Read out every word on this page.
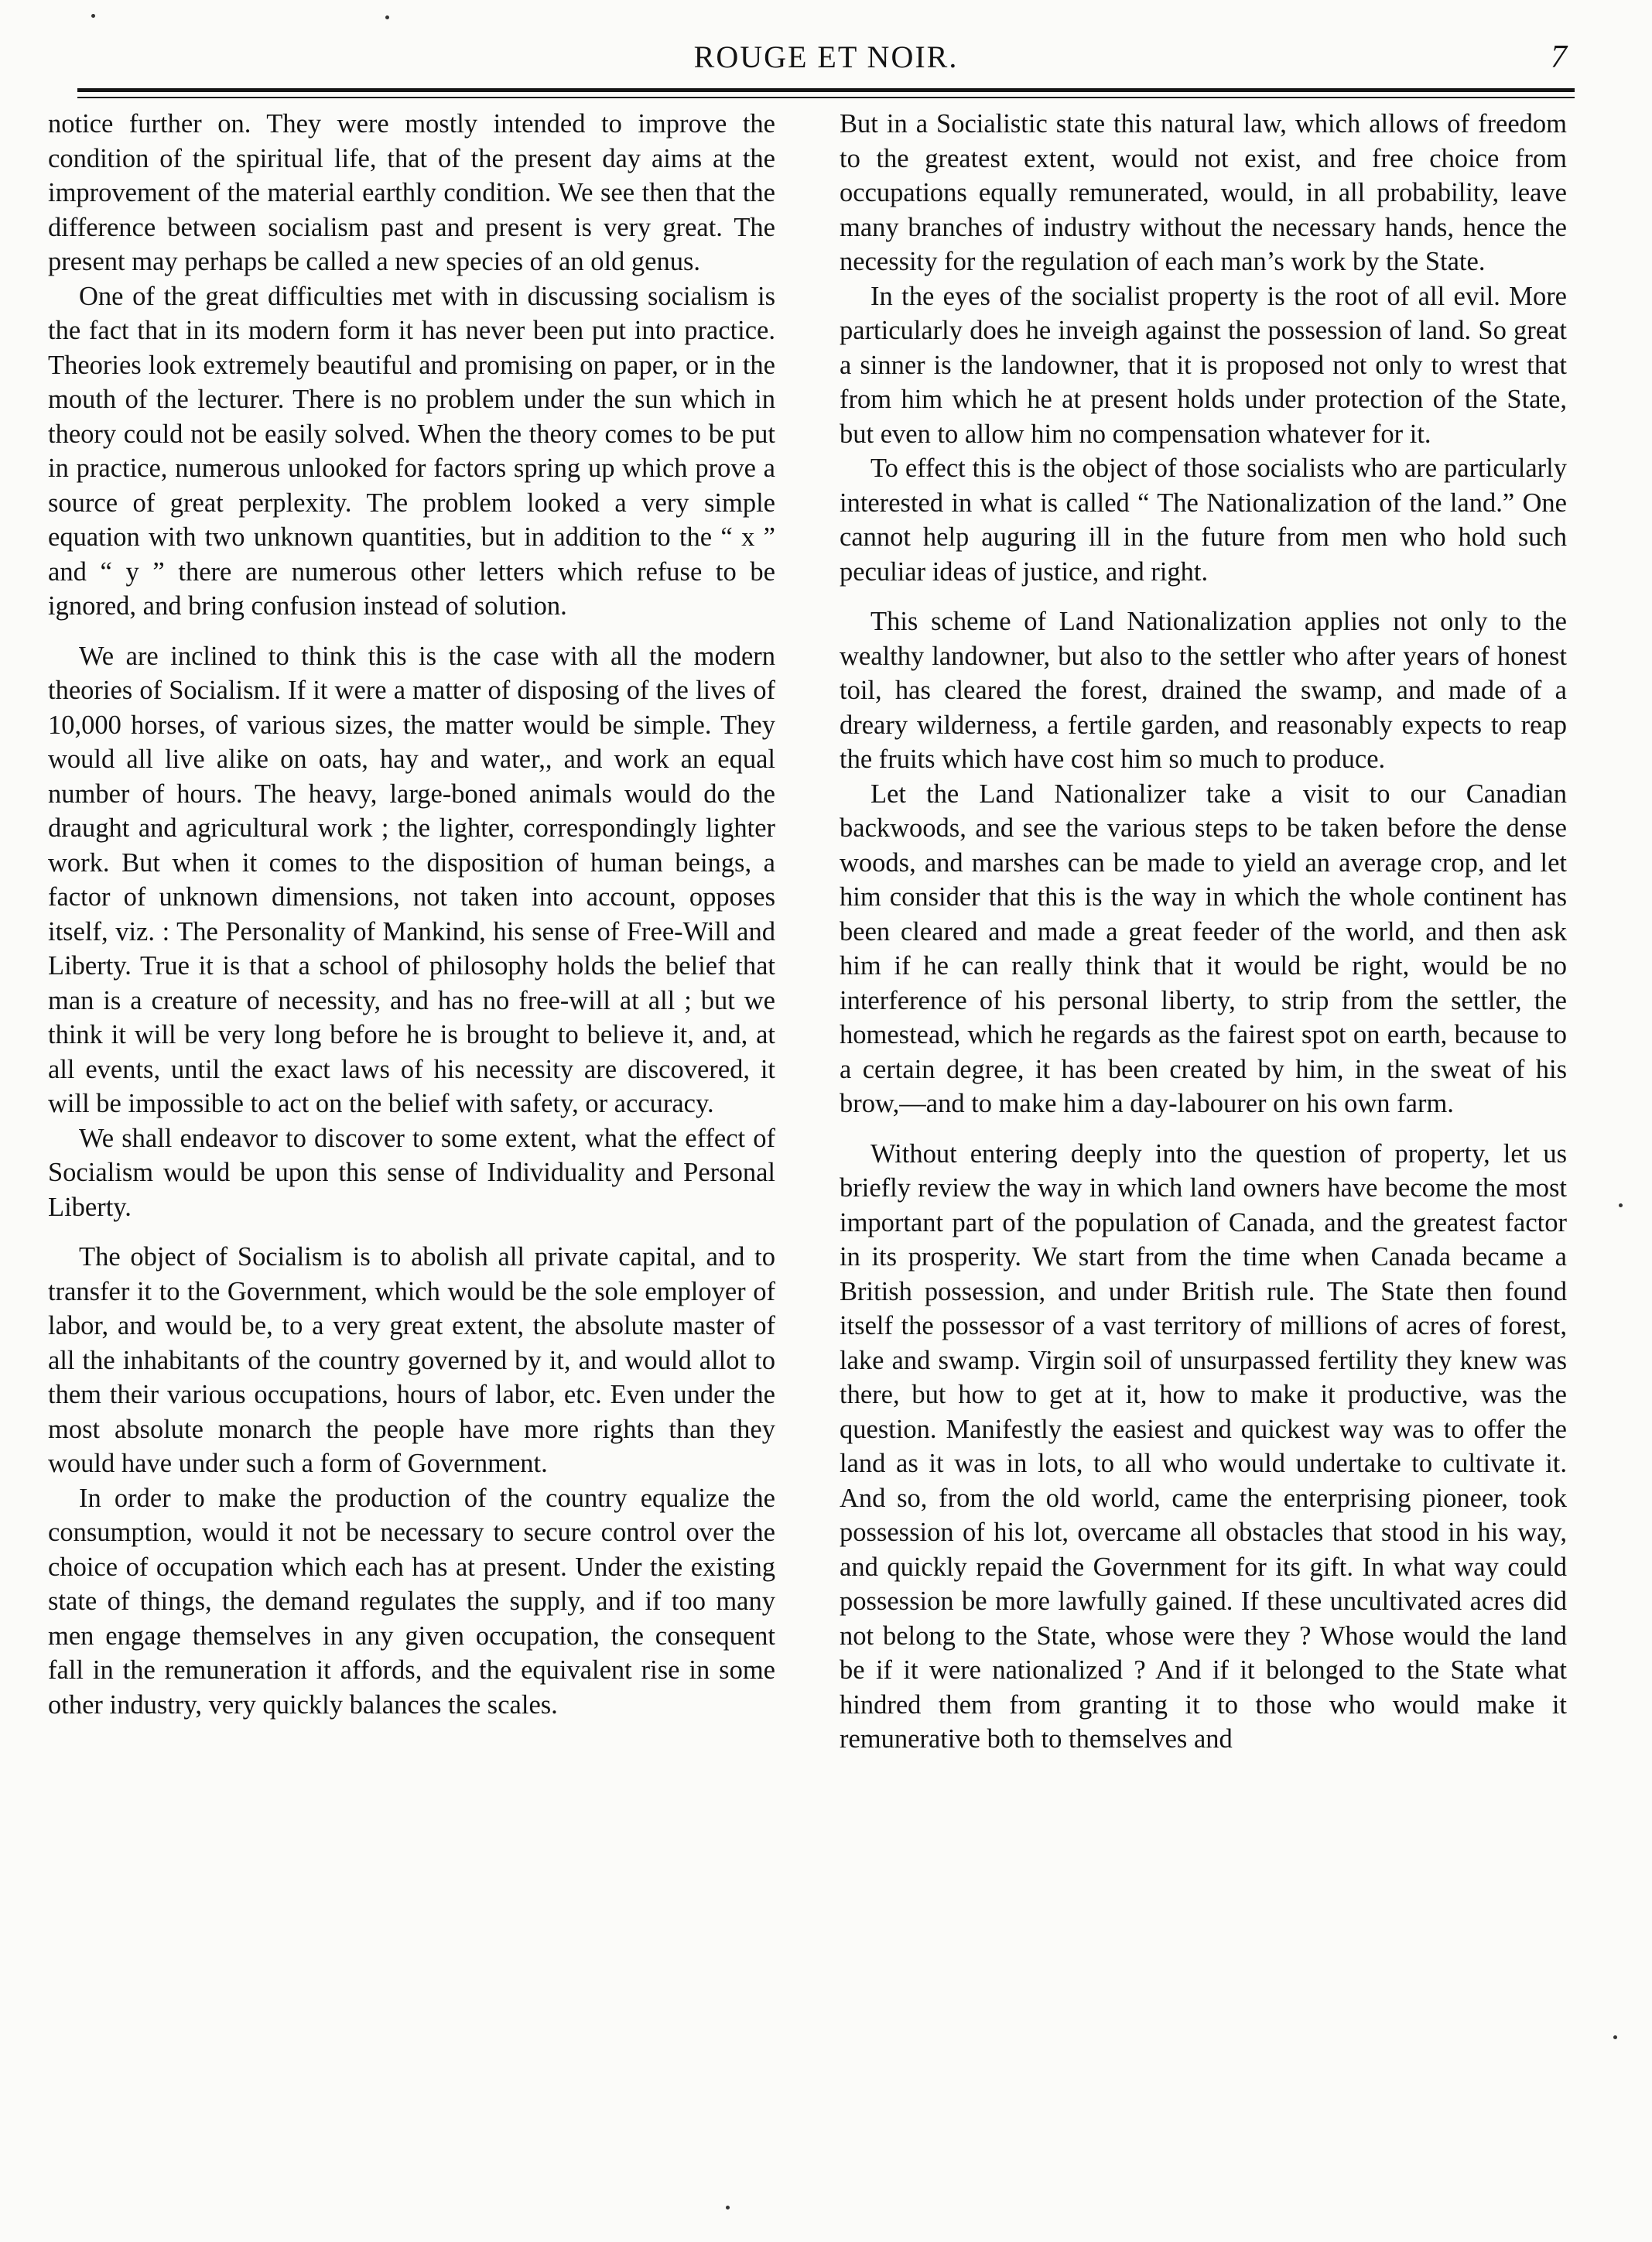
ROUGE ET NOIR.	7

notice further on. They were mostly intended to improve the condition of the spiritual life, that of the present day aims at the improvement of the material earthly condition. We see then that the difference between socialism past and present is very great. The present may perhaps be called a new species of an old genus.

One of the great difficulties met with in discussing socialism is the fact that in its modern form it has never been put into practice. Theories look extremely beautiful and promising on paper, or in the mouth of the lecturer. There is no problem under the sun which in theory could not be easily solved. When the theory comes to be put in practice, numerous unlooked for factors spring up which prove a source of great perplexity. The problem looked a very simple equation with two unknown quantities, but in addition to the “ x ” and “ y ” there are numerous other letters which refuse to be ignored, and bring confusion instead of solution.

We are inclined to think this is the case with all the modern theories of Socialism. If it were a matter of disposing of the lives of 10,000 horses, of various sizes, the matter would be simple. They would all live alike on oats, hay and water,, and work an equal number of hours. The heavy, large-boned animals would do the draught and agricultural work ; the lighter, correspondingly lighter work. But when it comes to the disposition of human beings, a factor of unknown dimensions, not taken into account, opposes itself, viz. : The Personality of Mankind, his sense of Free-Will and Liberty. True it is that a school of philosophy holds the belief that man is a creature of necessity, and has no free-will at all ; but we think it will be very long before he is brought to believe it, and, at all events, until the exact laws of his necessity are discovered, it will be impossible to act on the belief with safety, or accuracy.

We shall endeavor to discover to some extent, what the effect of Socialism would be upon this sense of Individuality and Personal Liberty.

The object of Socialism is to abolish all private capital, and to transfer it to the Government, which would be the sole employer of labor, and would be, to a very great extent, the absolute master of all the inhabitants of the country governed by it, and would allot to them their various occupations, hours of labor, etc. Even under the most absolute monarch the people have more rights than they would have under such a form of Government.

In order to make the production of the country equalize the consumption, would it not be necessary to secure control over the choice of occupation which each has at present. Under the existing state of things, the demand regulates the supply, and if too many men engage themselves in any given occupation, the consequent fall in the remuneration it affords, and the equivalent rise in some other industry, very quickly balances the scales.

But in a Socialistic state this natural law, which allows of freedom to the greatest extent, would not exist, and free choice from occupations equally remunerated, would, in all probability, leave many branches of industry without the necessary hands, hence the necessity for the regulation of each man’s work by the State.

In the eyes of the socialist property is the root of all evil. More particularly does he inveigh against the possession of land. So great a sinner is the landowner, that it is proposed not only to wrest that from him which he at present holds under protection of the State, but even to allow him no compensation whatever for it.

To effect this is the object of those socialists who are particularly interested in what is called “ The Nationalization of the land.” One cannot help auguring ill in the future from men who hold such peculiar ideas of justice, and right.

This scheme of Land Nationalization applies not only to the wealthy landowner, but also to the settler who after years of honest toil, has cleared the forest, drained the swamp, and made of a dreary wilderness, a fertile garden, and reasonably expects to reap the fruits which have cost him so much to produce.

Let the Land Nationalizer take a visit to our Canadian backwoods, and see the various steps to be taken before the dense woods, and marshes can be made to yield an average crop, and let him consider that this is the way in which the whole continent has been cleared and made a great feeder of the world, and then ask him if he can really think that it would be right, would be no interference of his personal liberty, to strip from the settler, the homestead, which he regards as the fairest spot on earth, because to a certain degree, it has been created by him, in the sweat of his brow,—and to make him a day-labourer on his own farm.

Without entering deeply into the question of property, let us briefly review the way in which land owners have become the most important part of the population of Canada, and the greatest factor in its prosperity. We start from the time when Canada became a British possession, and under British rule. The State then found itself the possessor of a vast territory of millions of acres of forest, lake and swamp. Virgin soil of unsurpassed fertility they knew was there, but how to get at it, how to make it productive, was the question. Manifestly the easiest and quickest way was to offer the land as it was in lots, to all who would undertake to cultivate it. And so, from the old world, came the enterprising pioneer, took possession of his lot, overcame all obstacles that stood in his way, and quickly repaid the Government for its gift. In what way could possession be more lawfully gained. If these uncultivated acres did not belong to the State, whose were they ? Whose would the land be if it were nationalized ? And if it belonged to the State what hindred them from granting it to those who would make it remunerative both to themselves and
